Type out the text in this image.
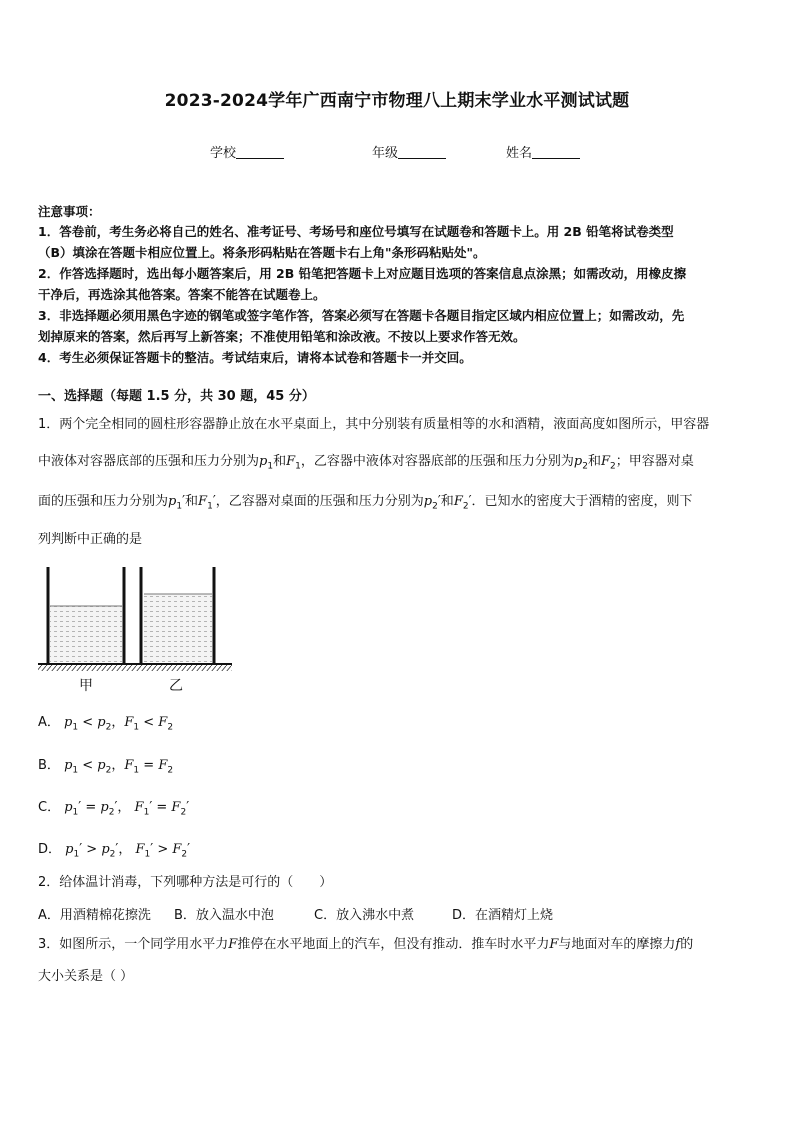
2023-2024学年广西南宁市物理八上期末学业水平测试试题
学校	年级	姓名
注意事项：
1．答卷前，考生务必将自己的姓名、准考证号、考场号和座位号填写在试题卷和答题卡上。用 2B 铅笔将试卷类型
（B）填涂在答题卡相应位置上。将条形码粘贴在答题卡右上角"条形码粘贴处"。
2．作答选择题时，选出每小题答案后，用 2B 铅笔把答题卡上对应题目选项的答案信息点涂黑；如需改动，用橡皮擦
干净后，再选涂其他答案。答案不能答在试题卷上。
3．非选择题必须用黑色字迹的钢笔或签字笔作答，答案必须写在答题卡各题目指定区域内相应位置上；如需改动，先
划掉原来的答案，然后再写上新答案；不准使用铅笔和涂改液。不按以上要求作答无效。
4．考生必须保证答题卡的整洁。考试结束后，请将本试卷和答题卡一并交回。
一、选择题（每题 1.5 分，共 30 题，45 分）
1．两个完全相同的圆柱形容器静止放在水平桌面上，其中分别装有质量相等的水和酒精，液面高度如图所示，甲容器
中液体对容器底部的压强和压力分别为$p_1$和$F_1$，乙容器中液体对容器底部的压强和压力分别为$p_2$和$F_2$；甲容器对桌
面的压强和压力分别为$p_1'$和$F_1'$，乙容器对桌面的压强和压力分别为$p_2'$和$F_2'$．已知水的密度大于酒精的密度，则下
列判断中正确的是
甲	乙
A． $p_1 < p_2$，$F_1 < F_2$
B． $p_1 < p_2$，$F_1 = F_2$
C． $p_1' = p_2'$， $F_1' = F_2'$
D． $p_1' > p_2'$， $F_1' > F_2'$
2．给体温计消毒，下列哪种方法是可行的（　　）
A．用酒精棉花擦洗 B．放入温水中泡	C．放入沸水中煮	D．在酒精灯上烧
3．如图所示，一个同学用水平力F推停在水平地面上的汽车，但没有推动．推车时水平力F与地面对车的摩擦力f的
大小关系是（ ）
